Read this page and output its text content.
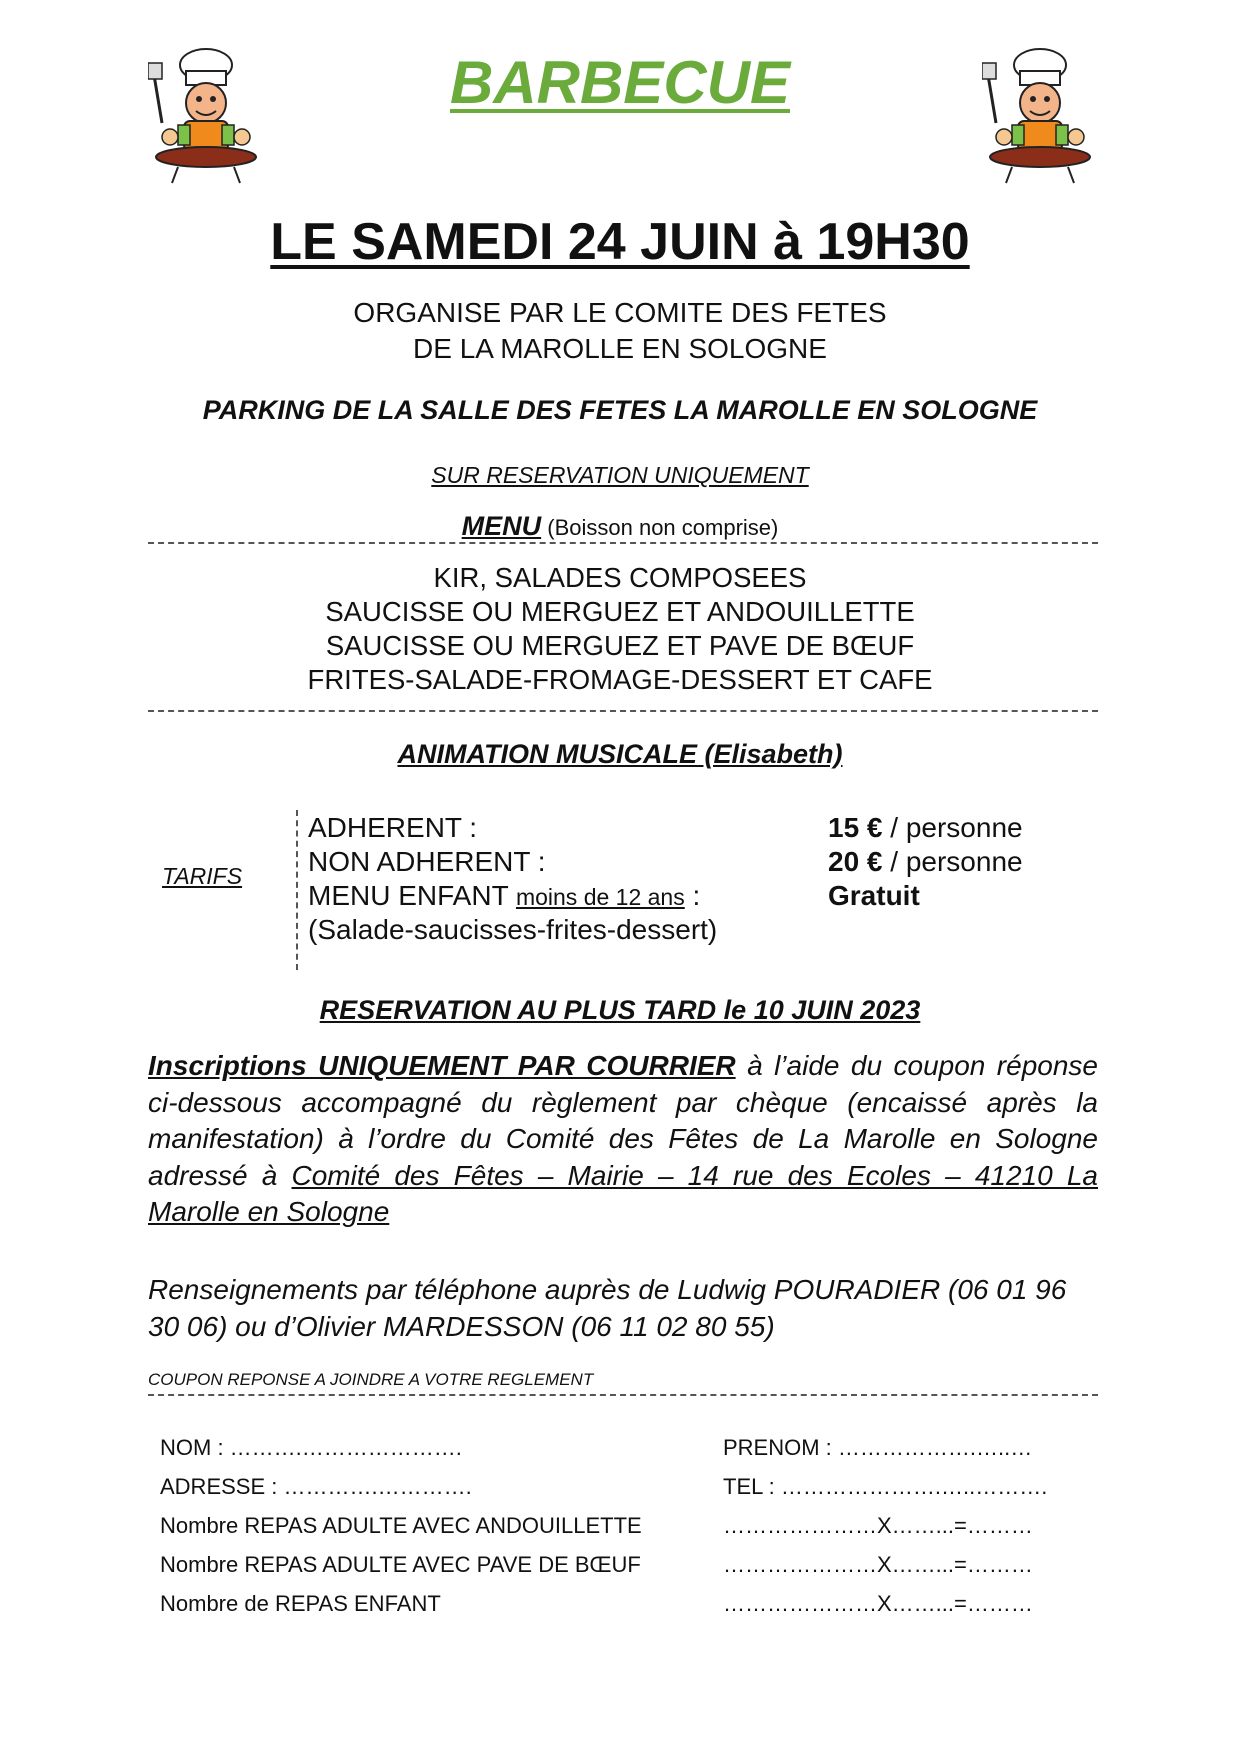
BARBECUE
LE SAMEDI 24 JUIN à 19H30
ORGANISE PAR LE COMITE DES FETES
DE LA MAROLLE EN SOLOGNE
PARKING DE LA SALLE DES FETES LA MAROLLE EN SOLOGNE
SUR RESERVATION UNIQUEMENT
MENU (Boisson non comprise)
KIR, SALADES COMPOSEES
SAUCISSE OU MERGUEZ ET ANDOUILLETTE
SAUCISSE OU MERGUEZ ET PAVE DE BŒUF
FRITES-SALADE-FROMAGE-DESSERT ET CAFE
ANIMATION MUSICALE (Elisabeth)
TARIFS
ADHERENT :	15 € / personne
NON ADHERENT :	20 € / personne
MENU ENFANT moins de 12 ans :	Gratuit
(Salade-saucisses-frites-dessert)
RESERVATION AU PLUS TARD le 10 JUIN 2023
Inscriptions UNIQUEMENT PAR COURRIER à l’aide du coupon réponse ci-dessous accompagné du règlement par chèque (encaissé après la manifestation) à l’ordre du Comité des Fêtes de La Marolle en Sologne adressé à Comité des Fêtes – Mairie – 14 rue des Ecoles – 41210 La Marolle en Sologne
Renseignements par téléphone auprès de Ludwig POURADIER (06 01 96 30 06) ou d’Olivier MARDESSON (06 11 02 80 55)
COUPON REPONSE A JOINDRE A VOTRE REGLEMENT
NOM : ……….………………….	PRENOM : ……………….…..…
ADRESSE : ………….………….	TEL : ………………….…..……….
Nombre REPAS ADULTE AVEC ANDOUILLETTE	…………………X……...=………
Nombre REPAS ADULTE AVEC PAVE DE BŒUF	…………………X……...=………
Nombre de REPAS ENFANT	…………………X……...=………
